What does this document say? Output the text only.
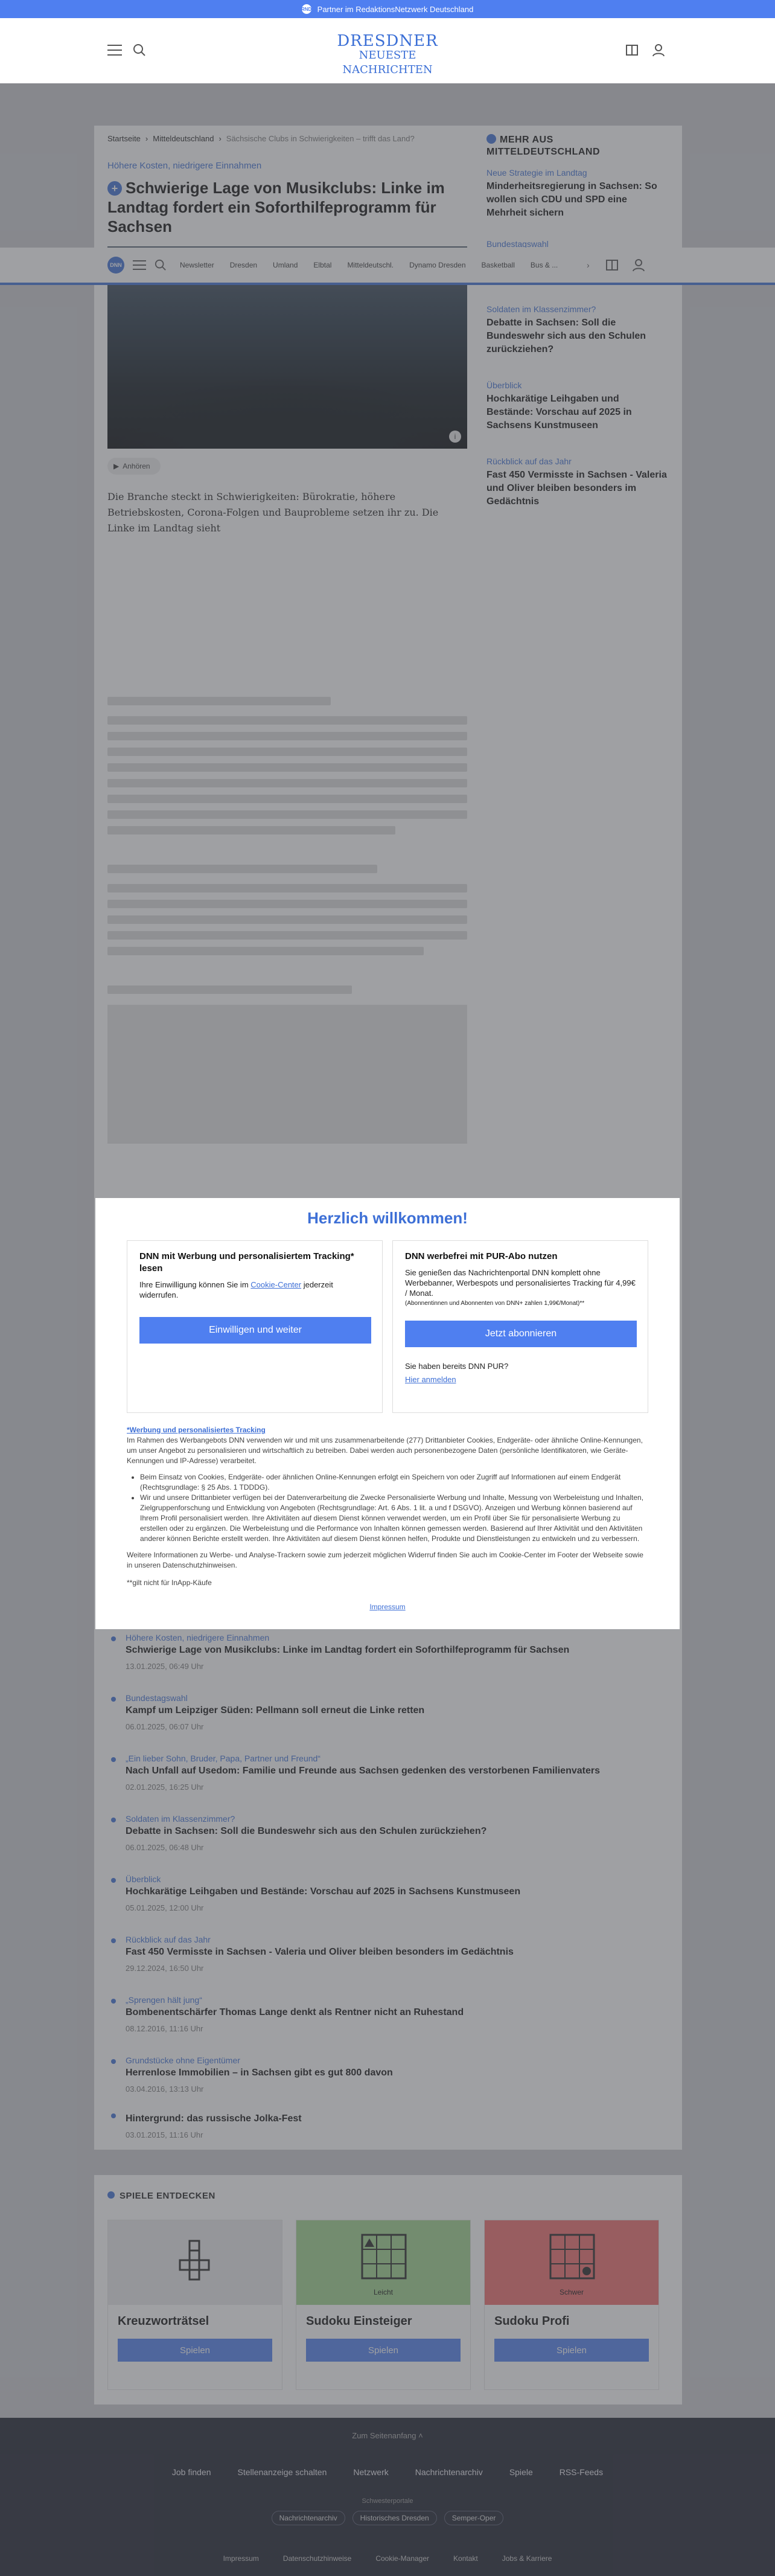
RND Partner im RedaktionsNetzwerk Deutschland
DRESDNER
NEUESTE NACHRICHTEN
Herzlich willkommen!
DNN mit Werbung und personalisiertem Tracking* lesen

Ihre Einwilligung können Sie im Cookie-Center jederzeit widerrufen.

Einwilligen und weiter
DNN werbefrei mit PUR-Abo nutzen

Sie genießen das Nachrichtenportal DNN komplett ohne Werbebanner, Werbespots und personalisiertes Tracking für 4,99€ / Monat.

(Abonnentinnen und Abonnenten von DNN+ zahlen 1,99€/Monat)**

Jetzt abonnieren

Sie haben bereits DNN PUR?

Hier anmelden

*Werbung und personalisiertes Tracking

Im Rahmen des Werbangebots DNN verwenden wir und mit uns zusammenarbeitende (277) Drittanbieter Cookies, Endgeräte- oder ähnliche Online-Kennungen, um unser Angebot zu personalisieren und wirtschaftlich zu betreiben. Dabei werden auch personenbezogene Daten (persönliche Identifikatoren, wie Geräte-Kennungen und IP-Adresse) verarbeitet.

• Beim Einsatz von Cookies, Endgeräte- oder ähnlichen Online-Kennungen erfolgt ein Speichern von oder Zugriff auf Informationen auf einem Endgerät (Rechtsgrundlage: § 25 Abs. 1 TDDDG).
• Wir und unsere Drittanbieter verfügen bei der Datenverarbeitung die Zwecke Personalisierte Werbung und Inhalte, Messung von Werbeleistung und Inhalten, Zielgruppenforschung und Entwicklung von Angeboten (Rechtsgrundlage: Art. 6 Abs. 1 lit. a und f DSGVO). Anzeigen und Werbung können basierend auf Ihrem Profil personalisiert werden. Ihre Aktivitäten auf diesem Dienst können verwendet werden, um ein Profil über Sie für personalisierte Werbung zu erstellen oder zu ergänzen. Die Werbeleistung und die Performance von Inhalten können gemessen werden. Basierend auf Ihrer Aktivität und den Aktivitäten anderer können Berichte erstellt werden. Ihre Aktivitäten auf diesem Dienst können helfen, Produkte und Dienstleistungen zu entwickeln und zu verbessern.

Weitere Informationen zu Werbe- und Analyse-Trackern sowie zum jederzeit möglichen Widerruf finden Sie auch im Cookie-Center im Footer der Webseite sowie in unseren Datenschutzhinweisen.

**gilt nicht für InApp-Käufe

Impressum
